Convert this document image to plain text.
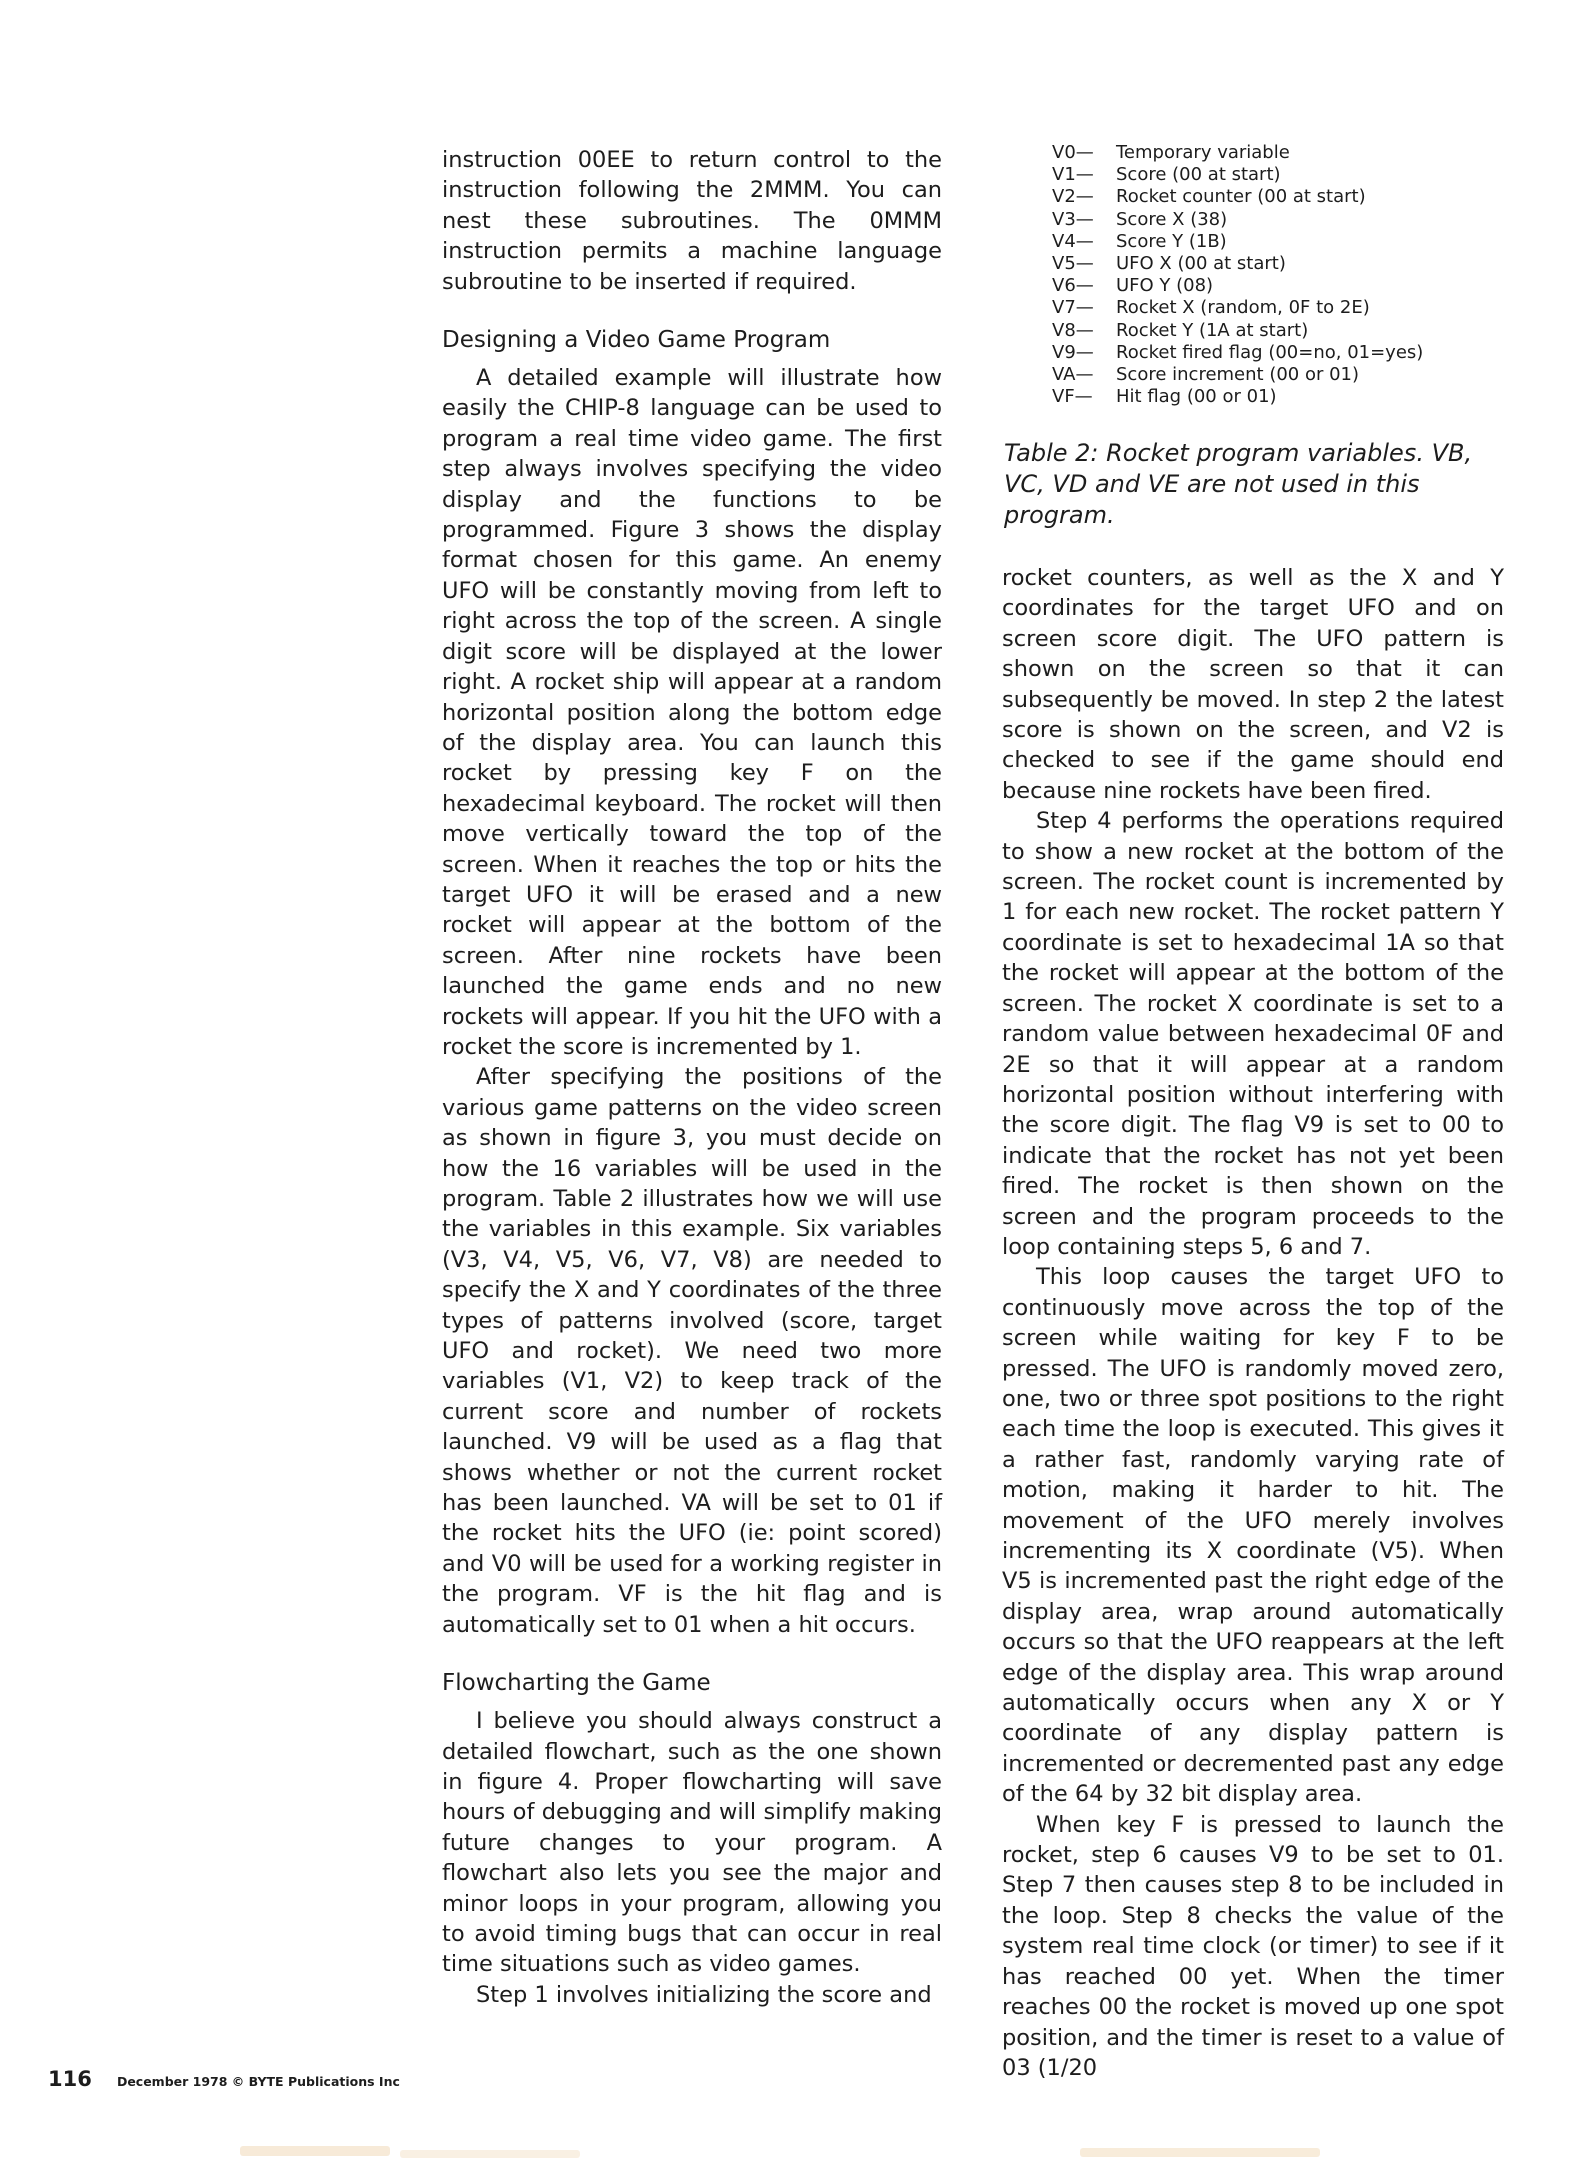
instruction 00EE to return control to the instruction following the 2MMM. You can nest these subroutines. The 0MMM instruction permits a machine language subroutine to be inserted if required.

Designing a Video Game Program

A detailed example will illustrate how easily the CHIP-8 language can be used to program a real time video game. The first step always involves specifying the video display and the functions to be programmed. Figure 3 shows the display format chosen for this game. An enemy UFO will be constantly moving from left to right across the top of the screen. A single digit score will be displayed at the lower right. A rocket ship will appear at a random horizontal position along the bottom edge of the display area. You can launch this rocket by pressing key F on the hexadecimal keyboard. The rocket will then move vertically toward the top of the screen. When it reaches the top or hits the target UFO it will be erased and a new rocket will appear at the bottom of the screen. After nine rockets have been launched the game ends and no new rockets will appear. If you hit the UFO with a rocket the score is incremented by 1.

After specifying the positions of the various game patterns on the video screen as shown in figure 3, you must decide on how the 16 variables will be used in the program. Table 2 illustrates how we will use the variables in this example. Six variables (V3, V4, V5, V6, V7, V8) are needed to specify the X and Y coordinates of the three types of patterns involved (score, target UFO and rocket). We need two more variables (V1, V2) to keep track of the current score and number of rockets launched. V9 will be used as a flag that shows whether or not the current rocket has been launched. VA will be set to 01 if the rocket hits the UFO (ie: point scored) and V0 will be used for a working register in the program. VF is the hit flag and is automatically set to 01 when a hit occurs.

Flowcharting the Game

I believe you should always construct a detailed flowchart, such as the one shown in figure 4. Proper flowcharting will save hours of debugging and will simplify making future changes to your program. A flowchart also lets you see the major and minor loops in your program, allowing you to avoid timing bugs that can occur in real time situations such as video games.

Step 1 involves initializing the score and

V0—	Temporary variable
V1—	Score (00 at start)
V2—	Rocket counter (00 at start)
V3—	Score X (38)
V4—	Score Y (1B)
V5—	UFO X (00 at start)
V6—	UFO Y (08)
V7—	Rocket X (random, 0F to 2E)
V8—	Rocket Y (1A at start)
V9—	Rocket fired flag (00=no, 01=yes)
VA—	Score increment (00 or 01)
VF—	Hit flag (00 or 01)
Table 2: Rocket program variables. VB, VC, VD and VE are not used in this program.

rocket counters, as well as the X and Y coordinates for the target UFO and on screen score digit. The UFO pattern is shown on the screen so that it can subsequently be moved. In step 2 the latest score is shown on the screen, and V2 is checked to see if the game should end because nine rockets have been fired.

Step 4 performs the operations required to show a new rocket at the bottom of the screen. The rocket count is incremented by 1 for each new rocket. The rocket pattern Y coordinate is set to hexadecimal 1A so that the rocket will appear at the bottom of the screen. The rocket X coordinate is set to a random value between hexadecimal 0F and 2E so that it will appear at a random horizontal position without interfering with the score digit. The flag V9 is set to 00 to indicate that the rocket has not yet been fired. The rocket is then shown on the screen and the program proceeds to the loop containing steps 5, 6 and 7.

This loop causes the target UFO to continuously move across the top of the screen while waiting for key F to be pressed. The UFO is randomly moved zero, one, two or three spot positions to the right each time the loop is executed. This gives it a rather fast, randomly varying rate of motion, making it harder to hit. The movement of the UFO merely involves incrementing its X coordinate (V5). When V5 is incremented past the right edge of the display area, wrap around automatically occurs so that the UFO reappears at the left edge of the display area. This wrap around automatically occurs when any X or Y coordinate of any display pattern is incremented or decremented past any edge of the 64 by 32 bit display area.

When key F is pressed to launch the rocket, step 6 causes V9 to be set to 01. Step 7 then causes step 8 to be included in the loop. Step 8 checks the value of the system real time clock (or timer) to see if it has reached 00 yet. When the timer reaches 00 the rocket is moved up one spot position, and the timer is reset to a value of 03 (1/20

116 December 1978 © BYTE Publications Inc
